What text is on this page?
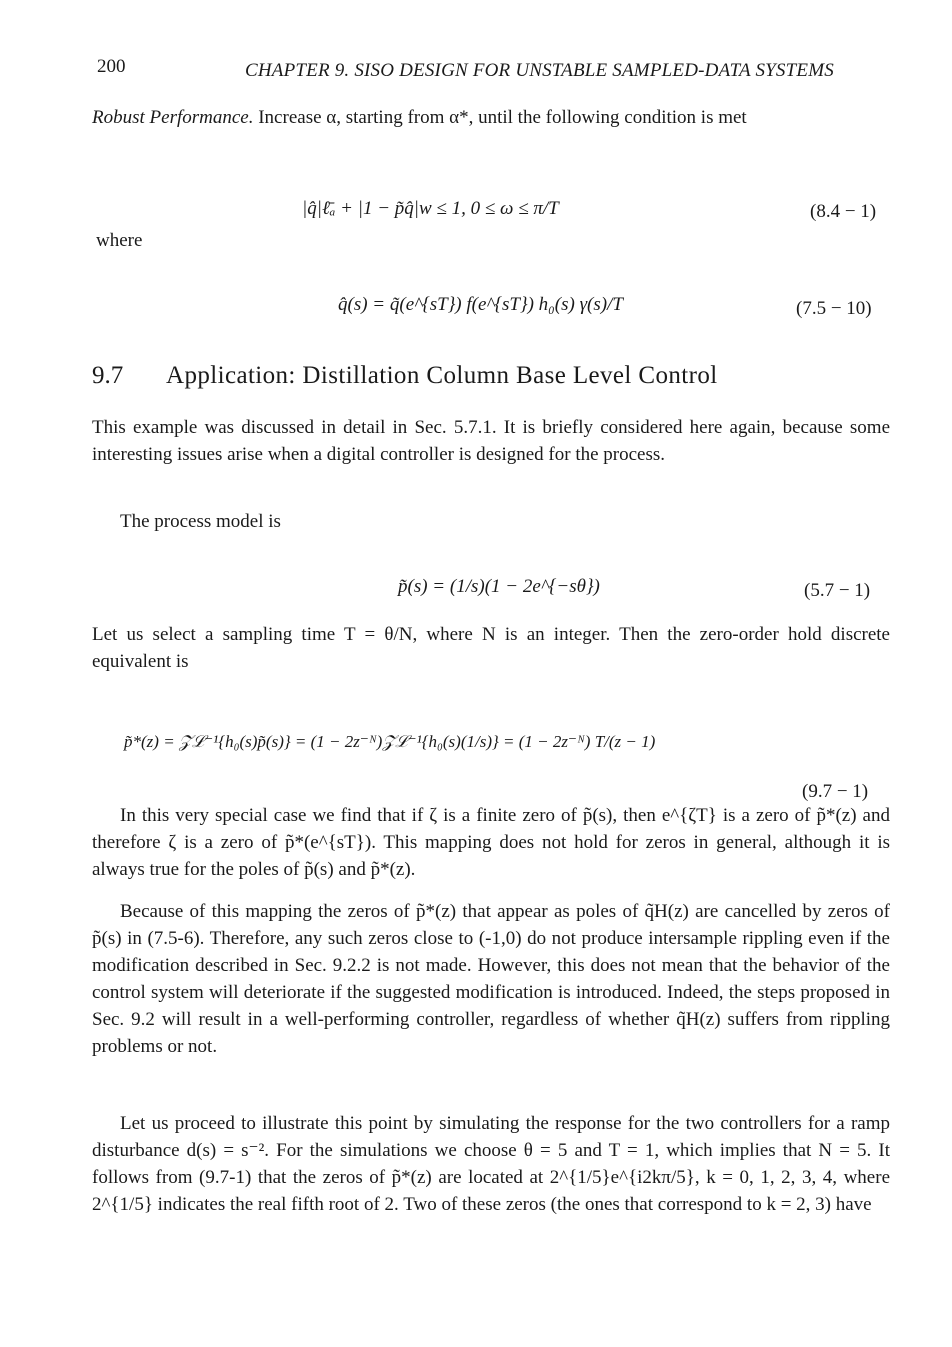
200	CHAPTER 9. SISO DESIGN FOR UNSTABLE SAMPLED-DATA SYSTEMS

Robust Performance. Increase α, starting from α*, until the following condition is met

|q̂|ℓ̄ₐ + |1 − p̃q̂|w ≤ 1, 0 ≤ ω ≤ π/T	(8.4 − 1)
where
q̂(s) = q̃(e^{sT}) f(e^{sT}) h₀(s) γ(s)/T	(7.5 − 10)
9.7 Application: Distillation Column Base Level Control

This example was discussed in detail in Sec. 5.7.1. It is briefly considered here again, because some interesting issues arise when a digital controller is designed for the process.

The process model is

p̃(s) = (1/s)(1 − 2e^{−sθ})	(5.7 − 1)

Let us select a sampling time T = θ/N, where N is an integer. Then the zero-order hold discrete equivalent is

p̃*(z) = 𝒵ℒ⁻¹{h₀(s)p̃(s)} = (1 − 2z⁻ᴺ)𝒵ℒ⁻¹{h₀(s)(1/s)} = (1 − 2z⁻ᴺ) T/(z − 1)
(9.7 − 1)

In this very special case we find that if ζ is a finite zero of p̃(s), then e^{ζT} is a zero of p̃*(z) and therefore ζ is a zero of p̃*(e^{sT}). This mapping does not hold for zeros in general, although it is always true for the poles of p̃(s) and p̃*(z).

Because of this mapping the zeros of p̃*(z) that appear as poles of q̃H(z) are cancelled by zeros of p̃(s) in (7.5-6). Therefore, any such zeros close to (-1,0) do not produce intersample rippling even if the modification described in Sec. 9.2.2 is not made. However, this does not mean that the behavior of the control system will deteriorate if the suggested modification is introduced. Indeed, the steps proposed in Sec. 9.2 will result in a well-performing controller, regardless of whether q̃H(z) suffers from rippling problems or not.

Let us proceed to illustrate this point by simulating the response for the two controllers for a ramp disturbance d(s) = s⁻². For the simulations we choose θ = 5 and T = 1, which implies that N = 5. It follows from (9.7-1) that the zeros of p̃*(z) are located at 2^{1/5}e^{i2kπ/5}, k = 0, 1, 2, 3, 4, where 2^{1/5} indicates the real fifth root of 2. Two of these zeros (the ones that correspond to k = 2, 3) have
